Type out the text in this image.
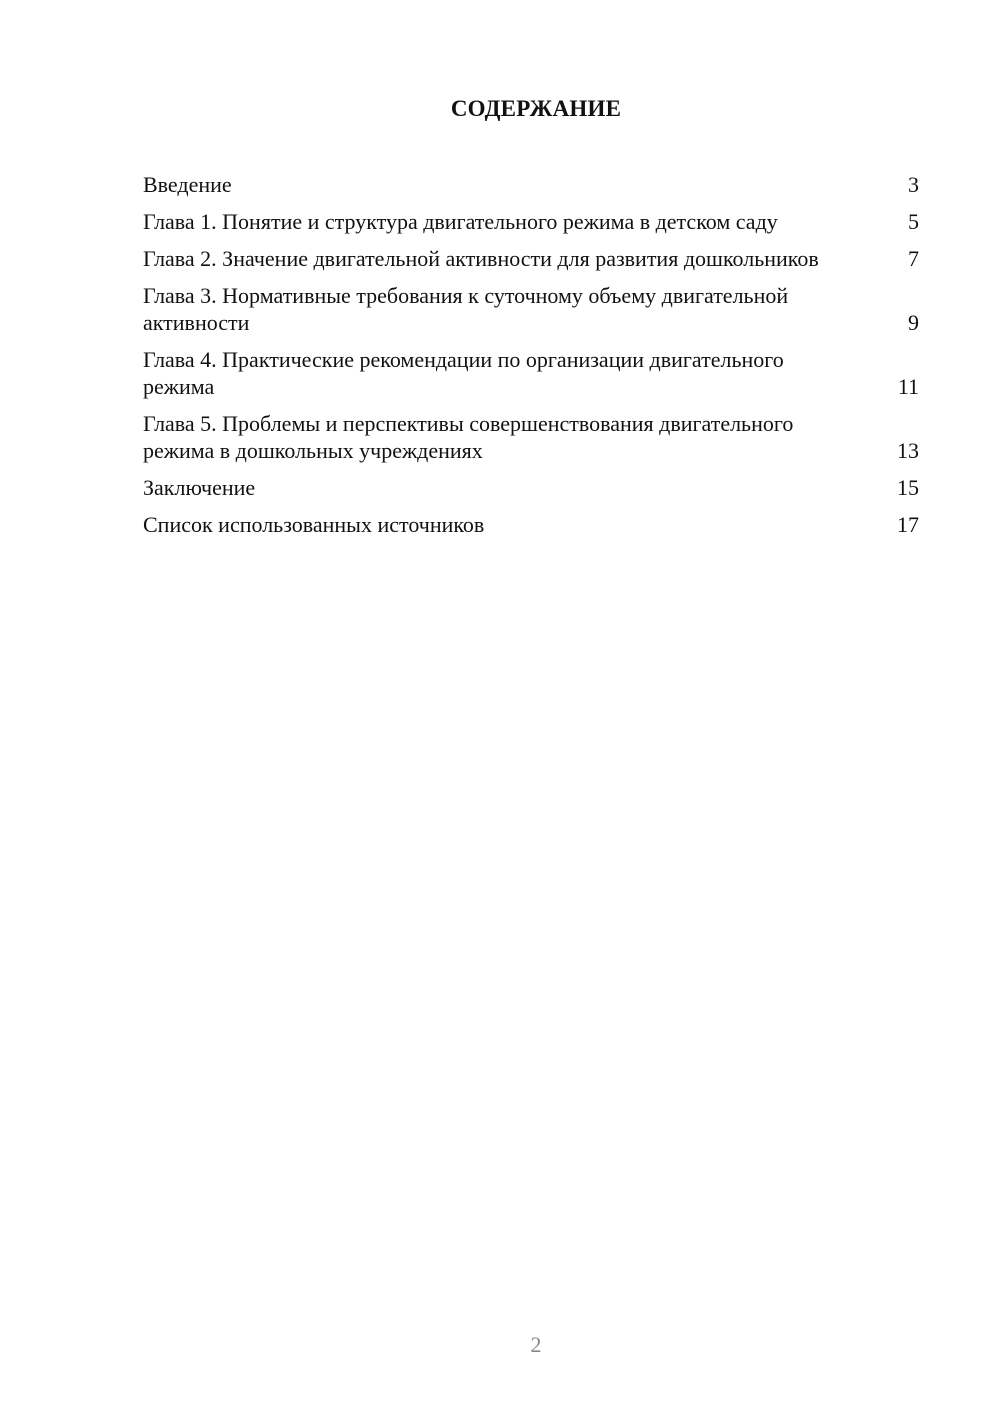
СОДЕРЖАНИЕ
Введение	3
Глава 1. Понятие и структура двигательного режима в детском саду	5
Глава 2. Значение двигательной активности для развития дошкольников	7
Глава 3. Нормативные требования к суточному объему двигательной активности	9
Глава 4. Практические рекомендации по организации двигательного режима	11
Глава 5. Проблемы и перспективы совершенствования двигательного режима в дошкольных учреждениях	13
Заключение	15
Список использованных источников	17
2
